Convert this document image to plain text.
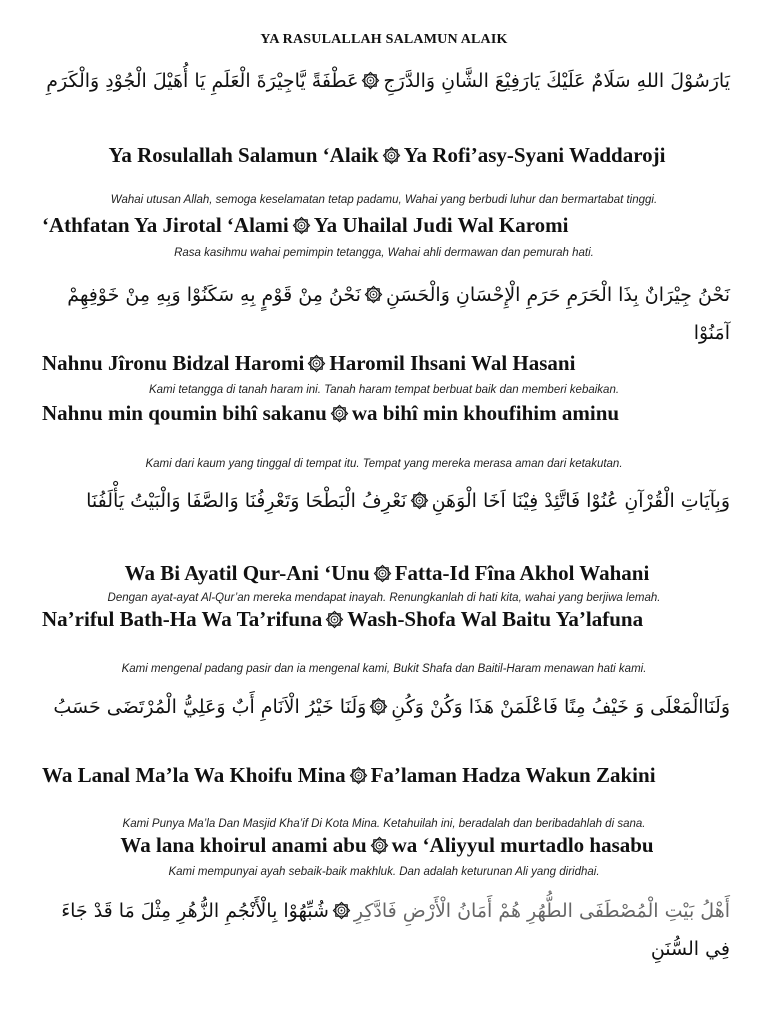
YA RASULALLAH SALAMUN ALAIK
يَارَسُوْلَ اللهِ سَلَامٌ عَلَيْكَ يَارَفِيْعَ الشَّانِ وَالدَّرَجِ
عَطْفَةً يَّاجِيْرَةَ الْعَلَمِ يَا أُهَيْلَ الْجُوْدِ وَالْكَرَمِ
Ya Rosulallah Salamun ‘Alaik Ya Rofi’asy-Syani Waddaroji
Wahai utusan Allah, semoga keselamatan tetap padamu, Wahai yang berbudi luhur dan bermartabat tinggi.
‘Athfatan Ya Jirotal ‘Alami Ya Uhailal Judi Wal Karomi
Rasa kasihmu wahai pemimpin tetangga, Wahai ahli dermawan dan pemurah hati.
نَحْنُ جِيْرَانٌ بِذَا الْحَرَمِ حَرَمِ الْإِحْسَانِ وَالْحَسَنِ
نَحْنُ مِنْ قَوْمٍ بِهِ سَكَنُوْا وَبِهِ مِنْ خَوْفِهِمْ آمَنُوْا
Nahnu Jîronu Bidzal Haromi Haromil Ihsani Wal Hasani
Kami tetangga di tanah haram ini. Tanah haram tempat berbuat baik dan memberi kebaikan.
Nahnu min qoumin bihî sakanu wa bihî min khoufihim aminu
Kami dari kaum yang tinggal di tempat itu. Tempat yang mereka merasa aman dari ketakutan.
وَبِآيَاتِ الْقُرْآنِ عُنُوْا فَاتَّئِدْ فِيْنَا اَخَا الْوَهَنِ
نَعْرِفُ الْبَطْحَا وَتَعْرِفُنَا وَالصَّفَا وَالْبَيْتُ يَأْلَفُنَا
Wa Bi Ayatil Qur-Ani ‘Unu Fatta-Id Fîna Akhol Wahani
Dengan ayat-ayat Al-Qur’an mereka mendapat inayah. Renungkanlah di hati kita, wahai yang berjiwa lemah.
Na’riful Bath-Ha Wa Ta’rifuna Wash-Shofa Wal Baitu Ya’lafuna
Kami mengenal padang pasir dan ia mengenal kami, Bukit Shafa dan Baitil-Haram menawan hati kami.
وَلَنَاالْمَعْلَى وَ خَيْفُ مِنًا فَاعْلَمَنْ هَذَا وَكُنْ وَكُنِ
وَلَنَا خَيْرُ الْاَنَامِ أَبٌ وَعَلِيُّ الْمُرْتَضَى حَسَبُ
Wa Lanal Ma’la Wa Khoifu Mina Fa’laman Hadza Wakun Zakini
Kami Punya Ma’la Dan Masjid Kha’if Di Kota Mina. Ketahuilah ini, beradalah dan beribadahlah di sana.
Wa lana khoirul anami abu wa ‘Aliyyul murtadlo hasabu
Kami mempunyai ayah sebaik-baik makhluk. Dan adalah keturunan Ali yang diridhai.
أَهْلُ بَيْتِ الْمُصْطَفَى الطُّهُرِ هُمْ أَمَانُ الْأَرْضِ فَادَّكِرِ
شُبِّهُوْا بِالْأَنْجُمِ الزُّهُرِ مِثْلَ مَا قَدْ جَاءَ فِي السُّنَنِ
